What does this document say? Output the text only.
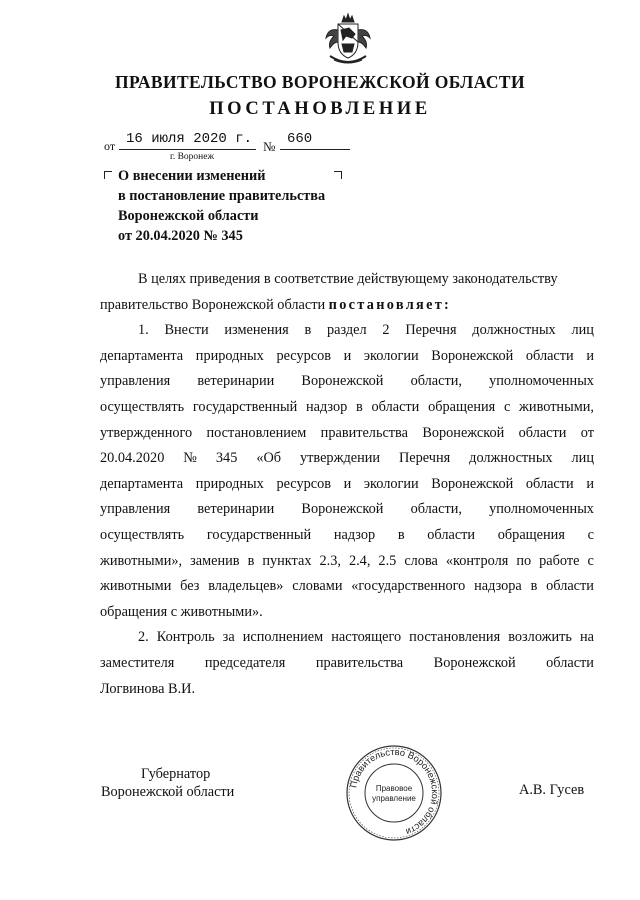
ПРАВИТЕЛЬСТВО ВОРОНЕЖСКОЙ ОБЛАСТИ
ПОСТАНОВЛЕНИЕ
от 16 июля 2020 г. № 660
г. Воронеж
О внесении изменений
в постановление правительства
Воронежской области
от 20.04.2020 № 345
В целях приведения в соответствие действующему законодательству
правительство Воронежской области
постановляет:
1. Внести изменения в раздел 2 Перечня должностных лиц
департамента природных ресурсов и экологии Воронежской области и
управления ветеринарии Воронежской области, уполномоченных
осуществлять государственный надзор в области обращения с животными,
утвержденного постановлением правительства Воронежской области от
20.04.2020 № 345 «Об утверждении Перечня должностных лиц
департамента природных ресурсов и экологии Воронежской области и
управления ветеринарии Воронежской области, уполномоченных
осуществлять государственный надзор в области обращения с
животными», заменив в пунктах 2.3, 2.4, 2.5 слова «контроля по работе с
животными без владельцев» словами «государственного надзора в области
обращения с животными».
2. Контроль за исполнением настоящего постановления возложить на
заместителя председателя правительства Воронежской области
Логвинова В.И.
Губернатор
Воронежской области	А.В. Гусев
Правительство Воронежской области
Правовое
управление
